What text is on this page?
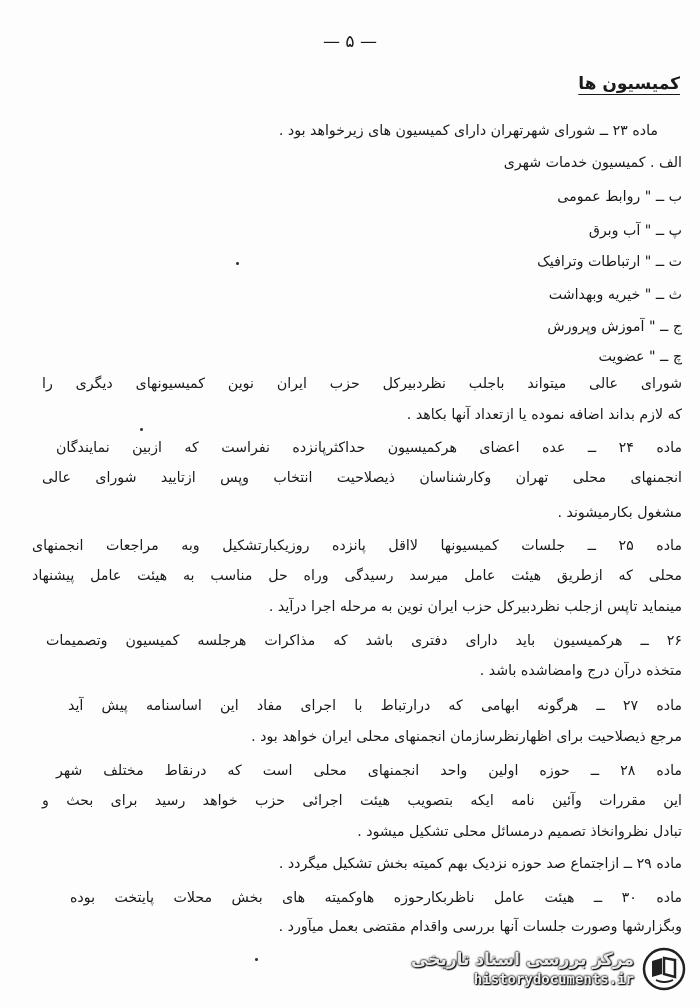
— ۵ —
کمیسیون ها
ماده ۲۳ ــ شورای شهرتهران دارای کمیسیون های زیرخواهد بود .
الف . کمیسیون خدمات شهری
ب ــ " روابط عمومی
پ ــ " آب وبرق
ت ــ " ارتباطات وترافیک
ث ــ " خیریه وبهداشت
ج ــ " آموزش وپرورش
چ ــ " عضویت
شورای عالی میتواند باجلب نظردبیرکل حزب ایران نوین کمیسیونهای دیگری را
که لازم بداند اضافه نموده یا ازتعداد آنها بکاهد .
ماده ۲۴ ــ عده اعضای هرکمیسیون حداکثرپانزده نفراست که ازبین نمایندگان
انجمنهای محلی تهران وکارشناسان ذیصلاحیت انتخاب وپس ازتایید شورای عالی
مشغول بکارمیشوند .
ماده ۲۵ ــ جلسات کمیسیونها لااقل پانزده روزیکبارتشکیل وبه مراجعات انجمنهای
محلی که ازطریق هیئت عامل میرسد رسیدگی وراه حل مناسب به هیئت عامل پیشنهاد
مینماید تاپس ازجلب نظردبیرکل حزب ایران نوین به مرحله اجرا درآید .
۲۶ ــ هرکمیسیون باید دارای دفتری باشد که مذاکرات هرجلسه کمیسیون وتصمیمات
متخذه درآن درج وامضاشده باشد .
ماده ۲۷ ــ هرگونه ابهامی که درارتباط با اجرای مفاد این اساسنامه پیش آید
مرجع ذیصلاحیت برای اظهارنظرسازمان انجمنهای محلی ایران خواهد بود .
ماده ۲۸ ــ حوزه اولین واحد انجمنهای محلی است که درنقاط مختلف شهر
این مقررات وآئین نامه ایکه بتصویب هیئت اجرائی حزب خواهد رسید برای بحث و
تبادل نظروانخاذ تصمیم درمسائل محلی تشکیل میشود .
ماده ۲۹ ــ ازاجتماع صد حوزه نزدیک بهم کمیته بخش تشکیل میگردد .
ماده ۳۰ ــ هیئت عامل ناظربکارحوزه هاوکمیته های بخش محلات پایتخت بوده
وبگزارشها وصورت جلسات آنها بررسی واقدام مقتضی بعمل میآورد .
مرکز بررسی اسناد تاریخی
historydocuments.ir
